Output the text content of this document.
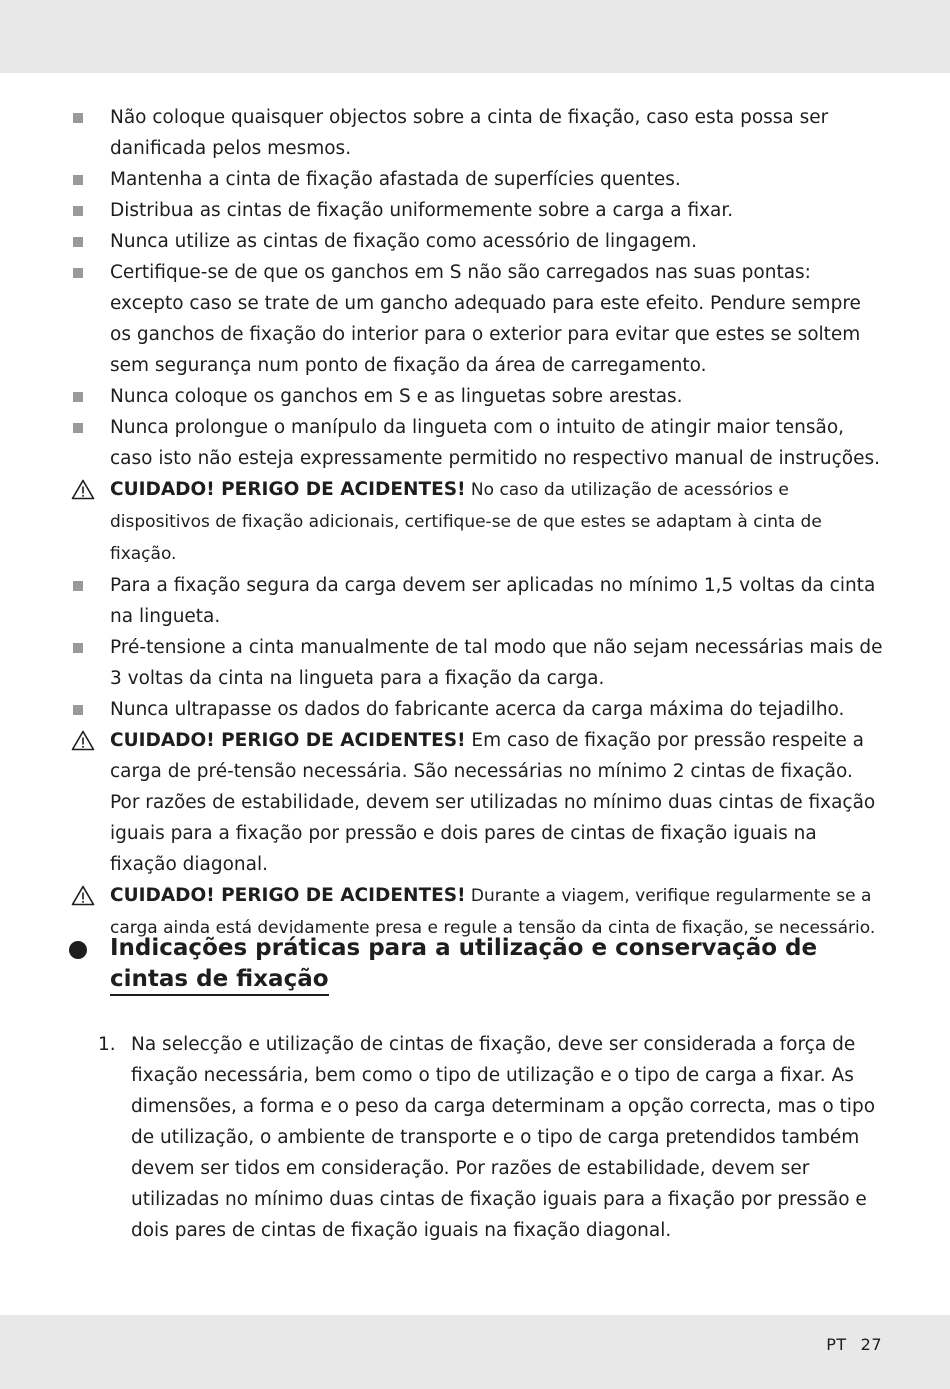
Não coloque quaisquer objectos sobre a cinta de fixação, caso esta possa ser danificada pelos mesmos.

Mantenha a cinta de fixação afastada de superfícies quentes.

Distribua as cintas de fixação uniformemente sobre a carga a fixar.

Nunca utilize as cintas de fixação como acessório de lingagem.

Certifique-se de que os ganchos em S não são carregados nas suas pontas: excepto caso se trate de um gancho adequado para este efeito. Pendure sempre os ganchos de fixação do interior para o exterior para evitar que estes se soltem sem segurança num ponto de fixação da área de carregamento.

Nunca coloque os ganchos em S e as linguetas sobre arestas.

Nunca prolongue o manípulo da lingueta com o intuito de atingir maior tensão, caso isto não esteja expressamente permitido no respectivo manual de instruções.

CUIDADO! PERIGO DE ACIDENTES! No caso da utilização de acessórios e dispositivos de fixação adicionais, certifique-se de que estes se adaptam à cinta de fixação.

Para a fixação segura da carga devem ser aplicadas no mínimo 1,5 voltas da cinta na lingueta.

Pré-tensione a cinta manualmente de tal modo que não sejam necessárias mais de 3 voltas da cinta na lingueta para a fixação da carga.

Nunca ultrapasse os dados do fabricante acerca da carga máxima do tejadilho.

CUIDADO! PERIGO DE ACIDENTES! Em caso de fixação por pressão respeite a carga de pré-tensão necessária. São necessárias no mínimo 2 cintas de fixação. Por razões de estabilidade, devem ser utilizadas no mínimo duas cintas de fixação iguais para a fixação por pressão e dois pares de cintas de fixação iguais na fixação diagonal.

CUIDADO! PERIGO DE ACIDENTES! Durante a viagem, verifique regularmente se a carga ainda está devidamente presa e regule a tensão da cinta de fixação, se necessário.

Indicações práticas para a utilização e conservação de
cintas de fixação

1. Na selecção e utilização de cintas de fixação, deve ser considerada a força de fixação necessária, bem como o tipo de utilização e o tipo de carga a fixar. As dimensões, a forma e o peso da carga determinam a opção correcta, mas o tipo de utilização, o ambiente de transporte e o tipo de carga pretendidos também devem ser tidos em consideração. Por razões de estabilidade, devem ser utilizadas no mínimo duas cintas de fixação iguais para a fixação por pressão e dois pares de cintas de fixação iguais na fixação diagonal.

PT 27
